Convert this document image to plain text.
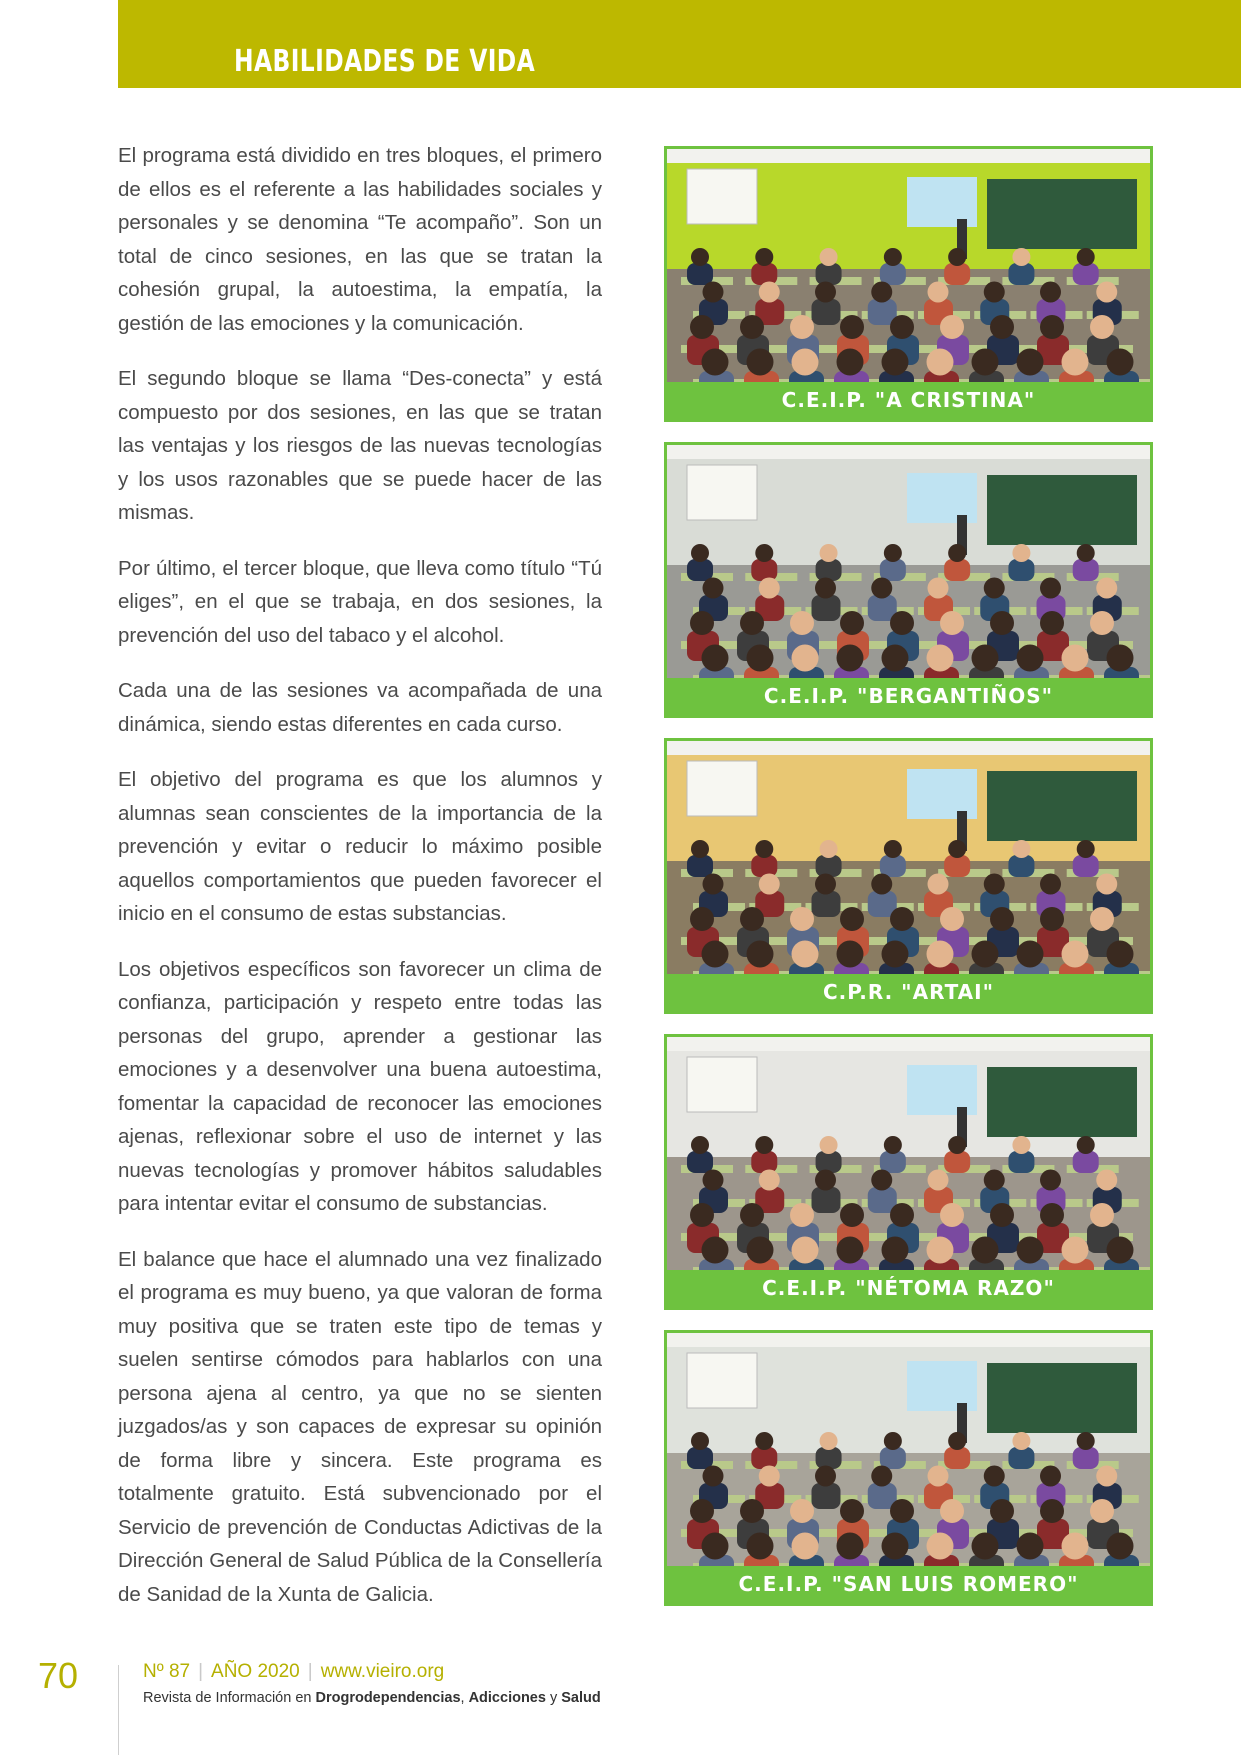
HABILIDADES DE VIDA

El programa está dividido en tres bloques, el primero de ellos es el referente a las habilidades sociales y personales y se denomina “Te acompaño”. Son un total de cinco sesiones, en las que se tratan la cohesión grupal, la autoestima, la empatía, la gestión de las emociones y la comunicación.

El segundo bloque se llama “Des-conecta” y está compuesto por dos sesiones, en las que se tratan las ventajas y los riesgos de las nuevas tecnologías y los usos razonables que se puede hacer de las mismas.

Por último, el tercer bloque, que lleva como título “Tú eliges”, en el que se trabaja, en dos sesiones, la prevención del uso del tabaco y el alcohol.

Cada una de las sesiones va acompañada de una dinámica, siendo estas diferentes en cada curso.

El objetivo del programa es que los alumnos y alumnas sean conscientes de la importancia de la prevención y evitar o reducir lo máximo posible aquellos comportamientos que pueden favorecer el inicio en el consumo de estas substancias.

Los objetivos específicos son favorecer un clima de confianza, participación y respeto entre todas las personas del grupo, aprender a gestionar las emociones y a desenvolver una buena autoestima, fomentar la capacidad de reconocer las emociones ajenas, reflexionar sobre el uso de internet y las nuevas tecnologías y promover hábitos saludables para intentar evitar el consumo de substancias.

El balance que hace el alumnado una vez finalizado el programa es muy bueno, ya que valoran de forma muy positiva que se traten este tipo de temas y suelen sentirse cómodos para hablarlos con una persona ajena al centro, ya que no se sienten juzgados/as y son capaces de expresar su opinión de forma libre y sincera. Este programa es totalmente gratuito. Está subvencionado por el Servicio de prevención de Conductas Adictivas de la Dirección General de Salud Pública de la Consellería de Sanidad de la Xunta de Galicia.

C.E.I.P. "A CRISTINA"
C.E.I.P. "BERGANTIÑOS"
C.P.R. "ARTAI"
C.E.I.P. "NÉTOMA RAZO"
C.E.I.P. "SAN LUIS ROMERO"
70	Nº 87 | AÑO 2020 | www.vieiro.org
Revista de Información en Drogrodependencias, Adicciones y Salud
